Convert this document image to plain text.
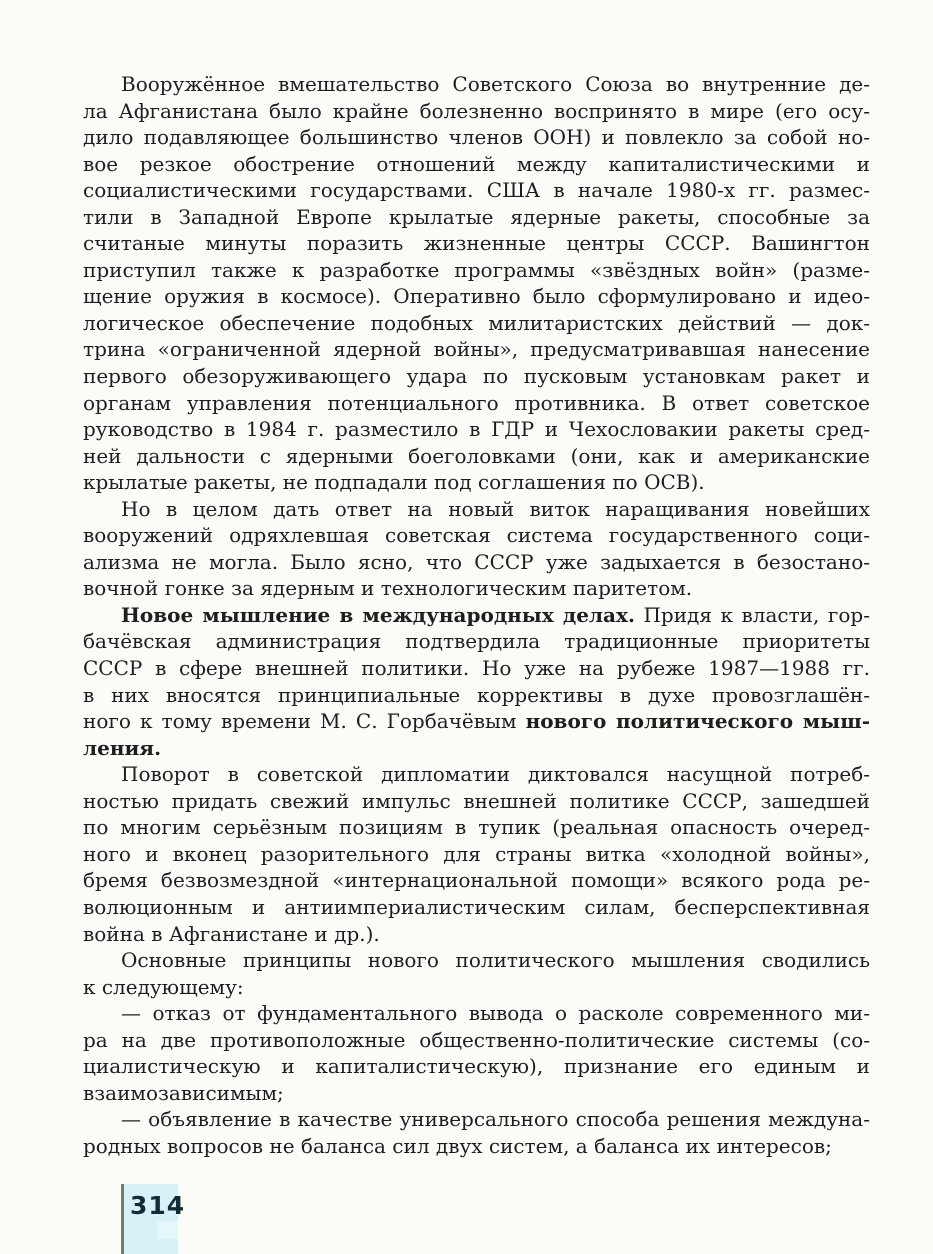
Вооружённое вмешательство Советского Союза во внутренние де-
ла Афганистана было крайне болезненно воспринято в мире (его осу-
дило подавляющее большинство членов ООН) и повлекло за собой но-
вое резкое обострение отношений между капиталистическими и
социалистическими государствами. США в начале 1980-х гг. размес-
тили в Западной Европе крылатые ядерные ракеты, способные за
считаные минуты поразить жизненные центры СССР. Вашингтон
приступил также к разработке программы «звёздных войн» (разме-
щение оружия в космосе). Оперативно было сформулировано и идео-
логическое обеспечение подобных милитаристских действий — док-
трина «ограниченной ядерной войны», предусматривавшая нанесение
первого обезоруживающего удара по пусковым установкам ракет и
органам управления потенциального противника. В ответ советское
руководство в 1984 г. разместило в ГДР и Чехословакии ракеты сред-
ней дальности с ядерными боеголовками (они, как и американские
крылатые ракеты, не подпадали под соглашения по ОСВ).
Но в целом дать ответ на новый виток наращивания новейших
вооружений одряхлевшая советская система государственного соци-
ализма не могла. Было ясно, что СССР уже задыхается в безостано-
вочной гонке за ядерным и технологическим паритетом.
Новое мышление в международных делах. Придя к власти, гор-
бачёвская администрация подтвердила традиционные приоритеты
СССР в сфере внешней политики. Но уже на рубеже 1987—1988 гг.
в них вносятся принципиальные коррективы в духе провозглашён-
ного к тому времени М. С. Горбачёвым нового политического мыш-
ления.
Поворот в советской дипломатии диктовался насущной потреб-
ностью придать свежий импульс внешней политике СССР, зашедшей
по многим серьёзным позициям в тупик (реальная опасность очеред-
ного и вконец разорительного для страны витка «холодной войны»,
бремя безвозмездной «интернациональной помощи» всякого рода ре-
волюционным и антиимпериалистическим силам, бесперспективная
война в Афганистане и др.).
Основные принципы нового политического мышления сводились
к следующему:
— отказ от фундаментального вывода о расколе современного ми-
ра на две противоположные общественно-политические системы (со-
циалистическую и капиталистическую), признание его единым и
взаимозависимым;
— объявление в качестве универсального способа решения междуна-
родных вопросов не баланса сил двух систем, а баланса их интересов;
314
